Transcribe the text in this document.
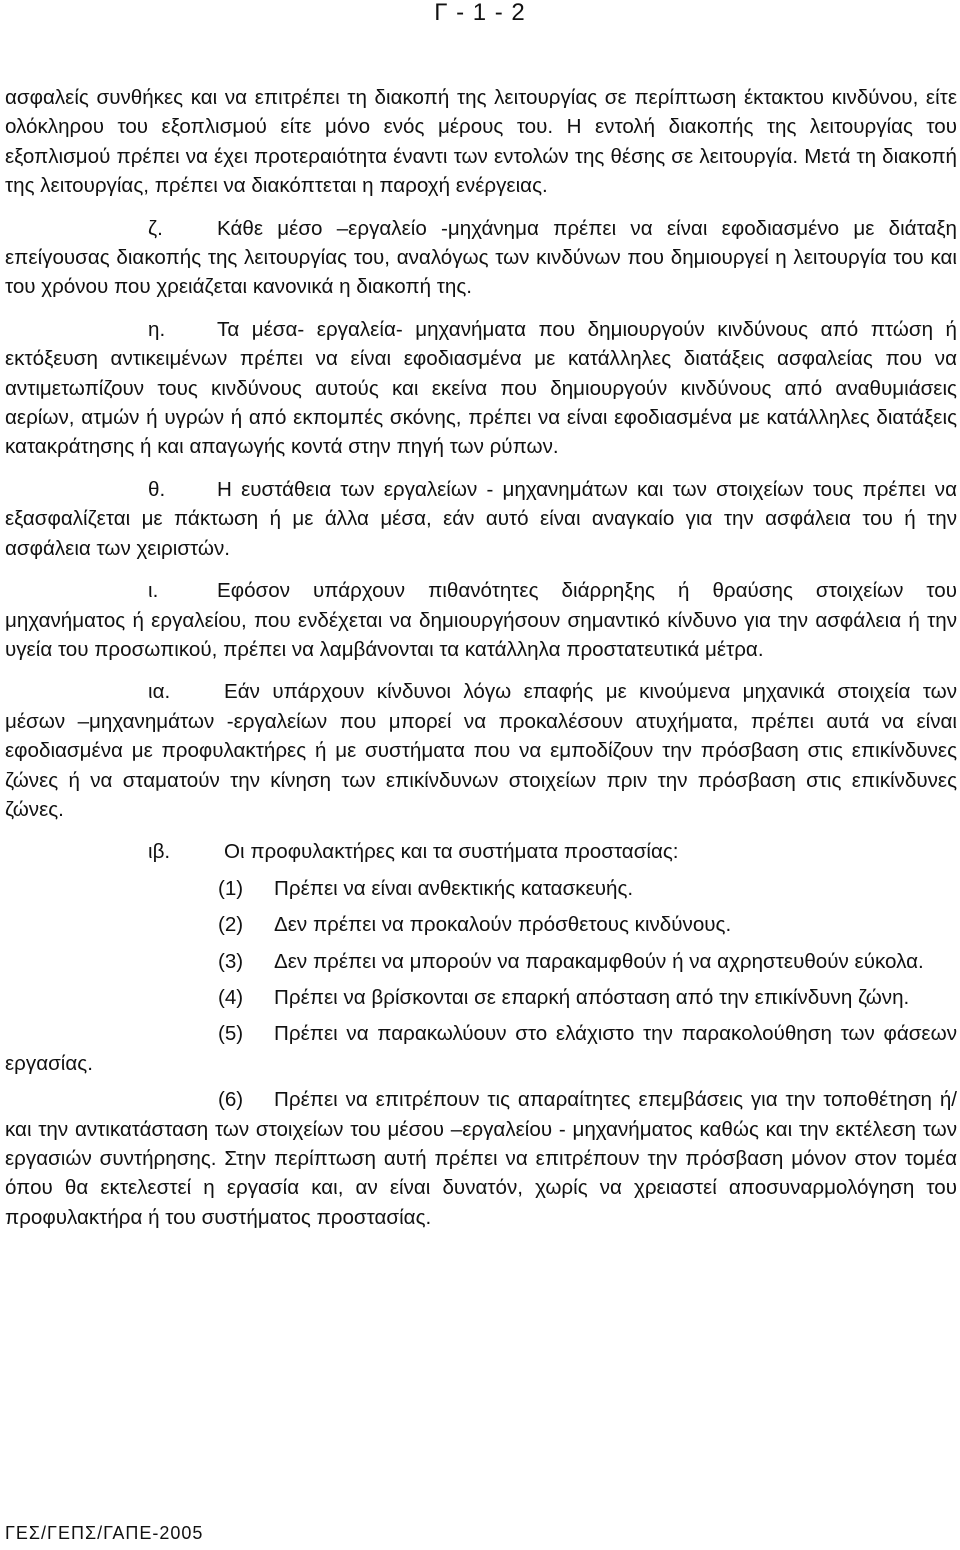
Γ - 1 - 2

ασφαλείς συνθήκες και να επιτρέπει τη διακοπή της λειτουργίας σε περίπτωση έκτακτου κινδύνου, είτε ολόκληρου του εξοπλισμού είτε μόνο ενός μέρους του. Η εντολή διακοπής της λειτουργίας του εξοπλισμού πρέπει να έχει προτεραιότητα έναντι των εντολών της θέσης σε λειτουργία. Μετά τη διακοπή της λειτουργίας, πρέπει να διακόπτεται η παροχή ενέργειας.

ζ.	Κάθε μέσο –εργαλείο -μηχάνημα πρέπει να είναι εφοδιασμένο με διάταξη επείγουσας διακοπής της λειτουργίας του, αναλόγως των κινδύνων που δημιουργεί η λειτουργία του και του χρόνου που χρειάζεται κανονικά η διακοπή της.

η.	Τα μέσα- εργαλεία- μηχανήματα που δημιουργούν κινδύνους από πτώση ή εκτόξευση αντικειμένων πρέπει να είναι εφοδιασμένα με κατάλληλες διατάξεις ασφαλείας που να αντιμετωπίζουν τους κινδύνους αυτούς και εκείνα που δημιουργούν κινδύνους από αναθυμιάσεις αερίων, ατμών ή υγρών ή από εκπομπές σκόνης, πρέπει να είναι εφοδιασμένα με κατάλληλες διατάξεις κατακράτησης ή και απαγωγής κοντά στην πηγή των ρύπων.

θ.	Η ευστάθεια των εργαλείων - μηχανημάτων και των στοιχείων τους πρέπει να εξασφαλίζεται με πάκτωση ή με άλλα μέσα, εάν αυτό είναι αναγκαίο για την ασφάλεια του ή την ασφάλεια των χειριστών.

ι.	Εφόσον υπάρχουν πιθανότητες διάρρηξης ή θραύσης στοιχείων του μηχανήματος ή εργαλείου, που ενδέχεται να δημιουργήσουν σημαντικό κίνδυνο για την ασφάλεια ή την υγεία του προσωπικού, πρέπει να λαμβάνονται τα κατάλληλα προστατευτικά μέτρα.

ια.	Εάν υπάρχουν κίνδυνοι λόγω επαφής με κινούμενα μηχανικά στοιχεία των μέσων –μηχανημάτων -εργαλείων που μπορεί να προκαλέσουν ατυχήματα, πρέπει αυτά να είναι εφοδιασμένα με προφυλακτήρες ή με συστήματα που να εμποδίζουν την πρόσβαση στις επικίνδυνες ζώνες ή να σταματούν την κίνηση των επικίνδυνων στοιχείων πριν την πρόσβαση στις επικίνδυνες ζώνες.

ιβ.	Οι προφυλακτήρες και τα συστήματα προστασίας:

(1) Πρέπει να είναι ανθεκτικής κατασκευής.

(2) Δεν πρέπει να προκαλούν πρόσθετους κινδύνους.

(3) Δεν πρέπει να μπορούν να παρακαμφθούν ή να αχρηστευθούν εύκολα.

(4) Πρέπει να βρίσκονται σε επαρκή απόσταση από την επικίνδυνη ζώνη.

(5) Πρέπει να παρακωλύουν στο ελάχιστο την παρακολούθηση των φάσεων εργασίας.

(6) Πρέπει να επιτρέπουν τις απαραίτητες επεμβάσεις για την τοποθέτηση ή/και την αντικατάσταση των στοιχείων του μέσου –εργαλείου - μηχανήματος καθώς και την εκτέλεση των εργασιών συντήρησης. Στην περίπτωση αυτή πρέπει να επιτρέπουν την πρόσβαση μόνον στον τομέα όπου θα εκτελεστεί η εργασία και, αν είναι δυνατόν, χωρίς να χρειαστεί αποσυναρμολόγηση του προφυλακτήρα ή του συστήματος προστασίας.

ΓΕΣ/ΓΕΠΣ/ΓΑΠΕ-2005
